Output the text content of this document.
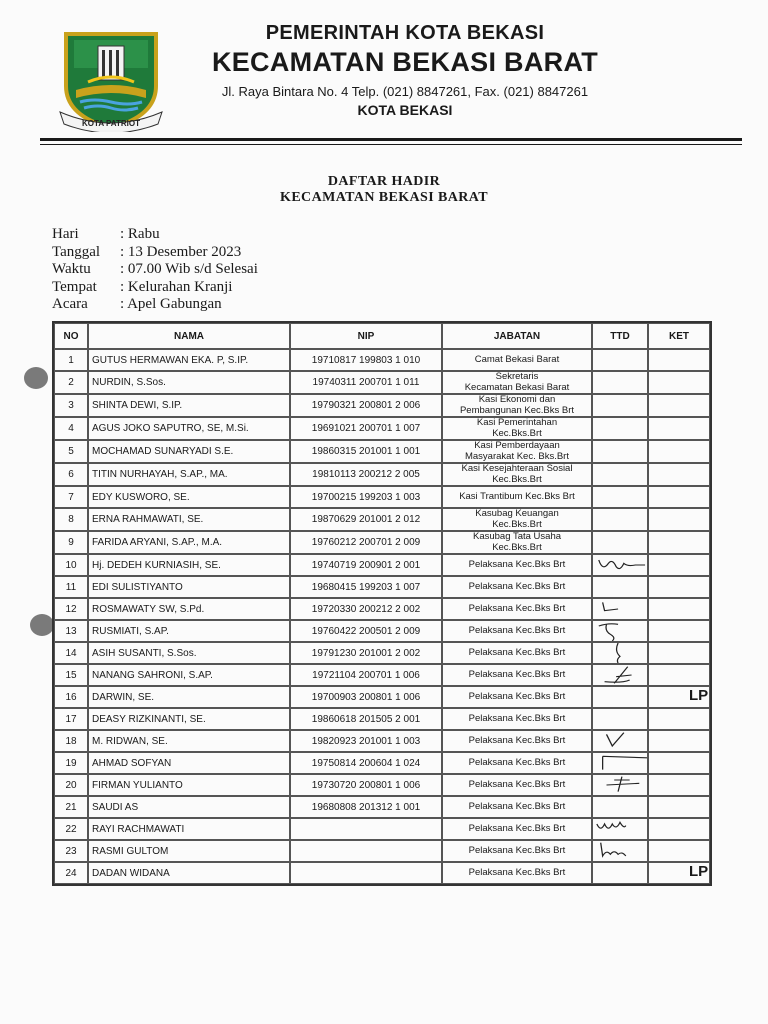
KOTA PATRIOT
PEMERINTAH KOTA BEKASI
KECAMATAN BEKASI BARAT
Jl. Raya Bintara No. 4 Telp. (021) 8847261, Fax. (021) 8847261
KOTA BEKASI
DAFTAR HADIR
KECAMATAN BEKASI BARAT
Hari	: Rabu
Tanggal : 13 Desember 2023
Waktu : 07.00 Wib s/d Selesai
Tempat : Kelurahan Kranji
Acara : Apel Gabungan
NO	NAMA	NIP	JABATAN	TTD	KET
1	GUTUS HERMAWAN EKA. P, S.IP.	19710817 199803 1 010	Camat Bekasi Barat		
2	NURDIN, S.Sos.	19740311 200701 1 011	Sekretaris
Kecamatan Bekasi Barat		
3	SHINTA DEWI, S.IP.	19790321 200801 2 006	Kasi Ekonomi dan
Pembangunan Kec.Bks Brt		
4	AGUS JOKO SAPUTRO, SE, M.Si.	19691021 200701 1 007	Kasi Pemerintahan
Kec.Bks.Brt		
5	MOCHAMAD SUNARYADI S.E.	19860315 201001 1 001	Kasi Pemberdayaan
Masyarakat Kec. Bks.Brt		
6	TITIN NURHAYAH, S.AP., MA.	19810113 200212 2 005	Kasi Kesejahteraan Sosial
Kec.Bks.Brt		
7	EDY KUSWORO, SE.	19700215 199203 1 003	Kasi Trantibum Kec.Bks Brt		
8	ERNA RAHMAWATI, SE.	19870629 201001 2 012	Kasubag Keuangan
Kec.Bks.Brt		
9	FARIDA ARYANI, S.AP., M.A.	19760212 200701 2 009	Kasubag Tata Usaha
Kec.Bks.Brt		
10	Hj. DEDEH KURNIASIH, SE.	19740719 200901 2 001	Pelaksana Kec.Bks Brt	

11	EDI SULISTIYANTO	19680415 199203 1 007	Pelaksana Kec.Bks Brt		
12	ROSMAWATY SW, S.Pd.	19720330 200212 2 002	Pelaksana Kec.Bks Brt	

13	RUSMIATI, S.AP.	19760422 200501 2 009	Pelaksana Kec.Bks Brt	

14	ASIH SUSANTI, S.Sos.	19791230 201001 2 002	Pelaksana Kec.Bks Brt	

15	NANANG SAHRONI, S.AP.	19721104 200701 1 006	Pelaksana Kec.Bks Brt	

16	DARWIN, SE.	19700903 200801 1 006	Pelaksana Kec.Bks Brt		LP

17	DEASY RIZKINANTI, SE.	19860618 201505 2 001	Pelaksana Kec.Bks Brt		
18	M. RIDWAN, SE.	19820923 201001 1 003	Pelaksana Kec.Bks Brt	

19	AHMAD SOFYAN	19750814 200604 1 024	Pelaksana Kec.Bks Brt	

20	FIRMAN YULIANTO	19730720 200801 1 006	Pelaksana Kec.Bks Brt	

21	SAUDI AS	19680808 201312 1 001	Pelaksana Kec.Bks Brt		
22	RAYI RACHMAWATI		Pelaksana Kec.Bks Brt	

23	RASMI GULTOM		Pelaksana Kec.Bks Brt	

24	DADAN WIDANA		Pelaksana Kec.Bks Brt		LP
